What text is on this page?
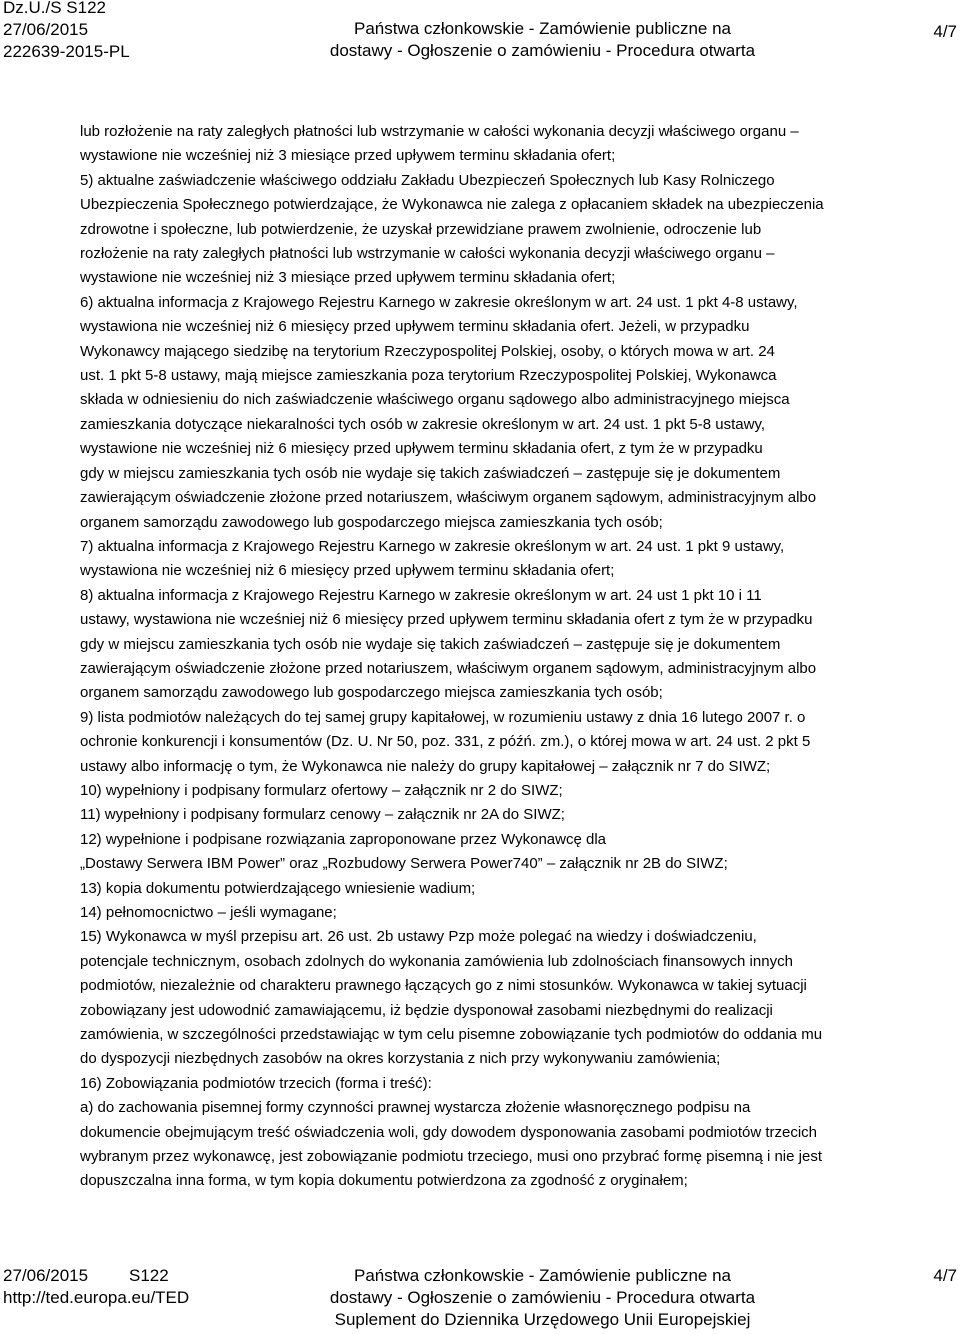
Dz.U./S S122
27/06/2015
222639-2015-PL
Państwa członkowskie - Zamówienie publiczne na
dostawy - Ogłoszenie o zamówieniu - Procedura otwarta
4/7
lub rozłożenie na raty zaległych płatności lub wstrzymanie w całości wykonania decyzji właściwego organu –
wystawione nie wcześniej niż 3 miesiące przed upływem terminu składania ofert;
5) aktualne zaświadczenie właściwego oddziału Zakładu Ubezpieczeń Społecznych lub Kasy Rolniczego
Ubezpieczenia Społecznego potwierdzające, że Wykonawca nie zalega z opłacaniem składek na ubezpieczenia
zdrowotne i społeczne, lub potwierdzenie, że uzyskał przewidziane prawem zwolnienie, odroczenie lub
rozłożenie na raty zaległych płatności lub wstrzymanie w całości wykonania decyzji właściwego organu –
wystawione nie wcześniej niż 3 miesiące przed upływem terminu składania ofert;
6) aktualna informacja z Krajowego Rejestru Karnego w zakresie określonym w art. 24 ust. 1 pkt 4-8 ustawy,
wystawiona nie wcześniej niż 6 miesięcy przed upływem terminu składania ofert. Jeżeli, w przypadku
Wykonawcy mającego siedzibę na terytorium Rzeczypospolitej Polskiej, osoby, o których mowa w art. 24
ust. 1 pkt 5-8 ustawy, mają miejsce zamieszkania poza terytorium Rzeczypospolitej Polskiej, Wykonawca
składa w odniesieniu do nich zaświadczenie właściwego organu sądowego albo administracyjnego miejsca
zamieszkania dotyczące niekaralności tych osób w zakresie określonym w art. 24 ust. 1 pkt 5-8 ustawy,
wystawione nie wcześniej niż 6 miesięcy przed upływem terminu składania ofert, z tym że w przypadku
gdy w miejscu zamieszkania tych osób nie wydaje się takich zaświadczeń – zastępuje się je dokumentem
zawierającym oświadczenie złożone przed notariuszem, właściwym organem sądowym, administracyjnym albo
organem samorządu zawodowego lub gospodarczego miejsca zamieszkania tych osób;
7) aktualna informacja z Krajowego Rejestru Karnego w zakresie określonym w art. 24 ust. 1 pkt 9 ustawy,
wystawiona nie wcześniej niż 6 miesięcy przed upływem terminu składania ofert;
8) aktualna informacja z Krajowego Rejestru Karnego w zakresie określonym w art. 24 ust 1 pkt 10 i 11
ustawy, wystawiona nie wcześniej niż 6 miesięcy przed upływem terminu składania ofert z tym że w przypadku
gdy w miejscu zamieszkania tych osób nie wydaje się takich zaświadczeń – zastępuje się je dokumentem
zawierającym oświadczenie złożone przed notariuszem, właściwym organem sądowym, administracyjnym albo
organem samorządu zawodowego lub gospodarczego miejsca zamieszkania tych osób;
9) lista podmiotów należących do tej samej grupy kapitałowej, w rozumieniu ustawy z dnia 16 lutego 2007 r. o
ochronie konkurencji i konsumentów (Dz. U. Nr 50, poz. 331, z późń. zm.), o której mowa w art. 24 ust. 2 pkt 5
ustawy albo informację o tym, że Wykonawca nie należy do grupy kapitałowej – załącznik nr 7 do SIWZ;
10) wypełniony i podpisany formularz ofertowy – załącznik nr 2 do SIWZ;
11) wypełniony i podpisany formularz cenowy – załącznik nr 2A do SIWZ;
12) wypełnione i podpisane rozwiązania zaproponowane przez Wykonawcę dla
„Dostawy Serwera IBM Power” oraz „Rozbudowy Serwera Power740” – załącznik nr 2B do SIWZ;
13) kopia dokumentu potwierdzającego wniesienie wadium;
14) pełnomocnictwo – jeśli wymagane;
15) Wykonawca w myśl przepisu art. 26 ust. 2b ustawy Pzp może polegać na wiedzy i doświadczeniu,
potencjale technicznym, osobach zdolnych do wykonania zamówienia lub zdolnościach finansowych innych
podmiotów, niezależnie od charakteru prawnego łączących go z nimi stosunków. Wykonawca w takiej sytuacji
zobowiązany jest udowodnić zamawiającemu, iż będzie dysponował zasobami niezbędnymi do realizacji
zamówienia, w szczególności przedstawiając w tym celu pisemne zobowiązanie tych podmiotów do oddania mu
do dyspozycji niezbędnych zasobów na okres korzystania z nich przy wykonywaniu zamówienia;
16) Zobowiązania podmiotów trzecich (forma i treść):
a) do zachowania pisemnej formy czynności prawnej wystarcza złożenie własnoręcznego podpisu na
dokumencie obejmującym treść oświadczenia woli, gdy dowodem dysponowania zasobami podmiotów trzecich
wybranym przez wykonawcę, jest zobowiązanie podmiotu trzeciego, musi ono przybrać formę pisemną i nie jest
dopuszczalna inna forma, w tym kopia dokumentu potwierdzona za zgodność z oryginałem;
27/06/2015 S122
http://ted.europa.eu/TED
Państwa członkowskie - Zamówienie publiczne na
dostawy - Ogłoszenie o zamówieniu - Procedura otwarta
Suplement do Dziennika Urzędowego Unii Europejskiej
4/7
